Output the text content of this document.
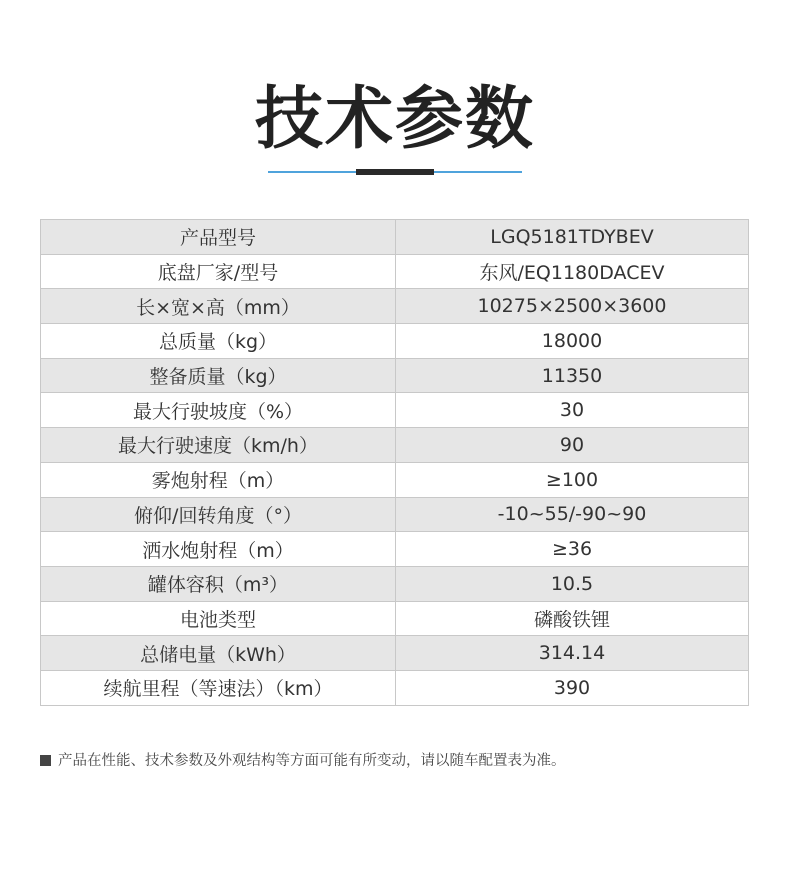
技术参数
产品型号	LGQ5181TDYBEV
底盘厂家/型号	东风/EQ1180DACEV
长×宽×高（mm）	10275×2500×3600
总质量（kg）	18000
整备质量（kg）	11350
最大行驶坡度（%）	30
最大行驶速度（km/h）	90
雾炮射程（m）	≥100
俯仰/回转角度（°）	-10~55/-90~90
洒水炮射程（m）	≥36
罐体容积（m³）	10.5
电池类型	磷酸铁锂
总储电量（kWh）	314.14
续航里程（等速法）（km）	390
产品在性能、技术参数及外观结构等方面可能有所变动，请以随车配置表为准。
